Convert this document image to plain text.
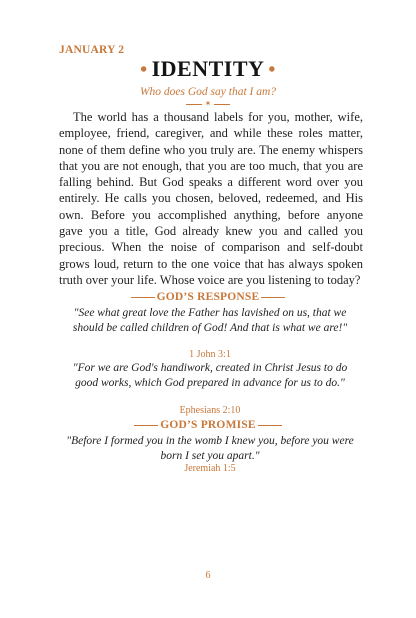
JANUARY 2
• IDENTITY •
Who does God say that I am?
✶
The world has a thousand labels for you, mother, wife, employee, friend, caregiver, and while these roles matter, none of them define who you truly are. The enemy whispers that you are not enough, that you are too much, that you are falling behind. But God speaks a different word over you entirely. He calls you chosen, beloved, redeemed, and His own. Before you accomplished anything, before anyone gave you a title, God already knew you and called you precious. When the noise of comparison and self-doubt grows loud, return to the one voice that has always spoken truth over your life. Whose voice are you listening to today?
GOD’S RESPONSE
"See what great love the Father has lavished on us, that we should be called children of God! And that is what we are!"
1 John 3:1
"For we are God's handiwork, created in Christ Jesus to do good works, which God prepared in advance for us to do."
Ephesians 2:10
GOD’S PROMISE
"Before I formed you in the womb I knew you, before you were born I set you apart."
Jeremiah 1:5
6
